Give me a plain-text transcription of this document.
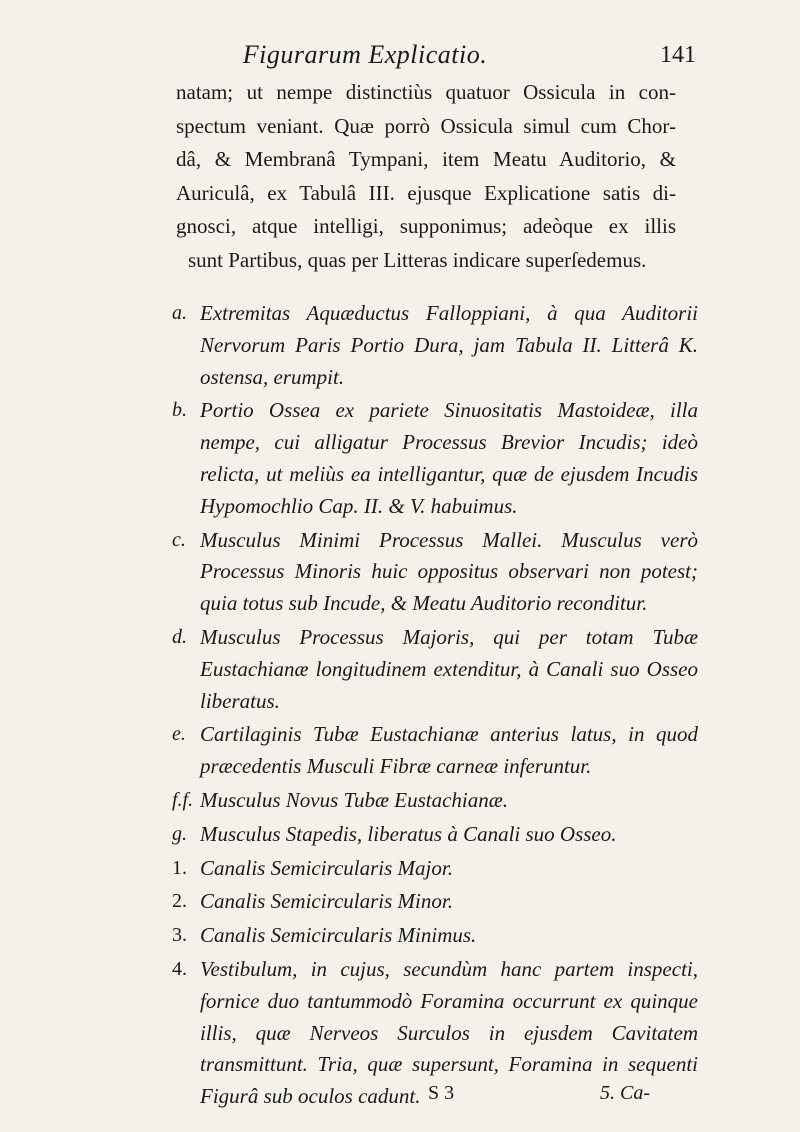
Figurarum Explicatio.	141
natam; ut nempe distinctiùs quatuor Ossicula in con-
spectum veniant. Quæ porrò Ossicula simul cum Chor-
dâ, & Membranâ Tympani, item Meatu Auditorio, &
Auriculâ, ex Tabulâ III. ejusque Explicatione satis di-
gnosci, atque intelligi, supponimus; adeòque ex illis
sunt Partibus, quas per Litteras indicare superſedemus.
a. Extremitas Aquæductus Falloppiani, à qua Auditorii Nervorum Paris Portio Dura, jam Tabula II. Litterâ K. ostensa, erumpit.
b. Portio Ossea ex pariete Sinuositatis Mastoideæ, illa nempe, cui alligatur Processus Brevior Incudis; ideò relicta, ut meliùs ea intelligantur, quæ de ejusdem Incudis Hypomochlio Cap. II. & V. habuimus.
c. Musculus Minimi Processus Mallei. Musculus verò Processus Minoris huic oppositus observari non potest; quia totus sub Incude, & Meatu Auditorio reconditur.
d. Musculus Processus Majoris, qui per totam Tubæ Eustachianæ longitudinem extenditur, à Canali suo Osseo liberatus.
e. Cartilaginis Tubæ Eustachianæ anterius latus, in quod præcedentis Musculi Fibræ carneæ inferuntur.
f.f. Musculus Novus Tubæ Eustachianæ.
g. Musculus Stapedis, liberatus à Canali suo Osseo.
1. Canalis Semicircularis Major.
2. Canalis Semicircularis Minor.
3. Canalis Semicircularis Minimus.
4. Vestibulum, in cujus, secundùm hanc partem inspecti, fornice duo tantummodò Foramina occurrunt ex quinque illis, quæ Nerveos Surculos in ejusdem Cavitatem transmittunt. Tria, quæ supersunt, Foramina in sequenti Figurâ sub oculos cadunt. S 3	5. Ca-
